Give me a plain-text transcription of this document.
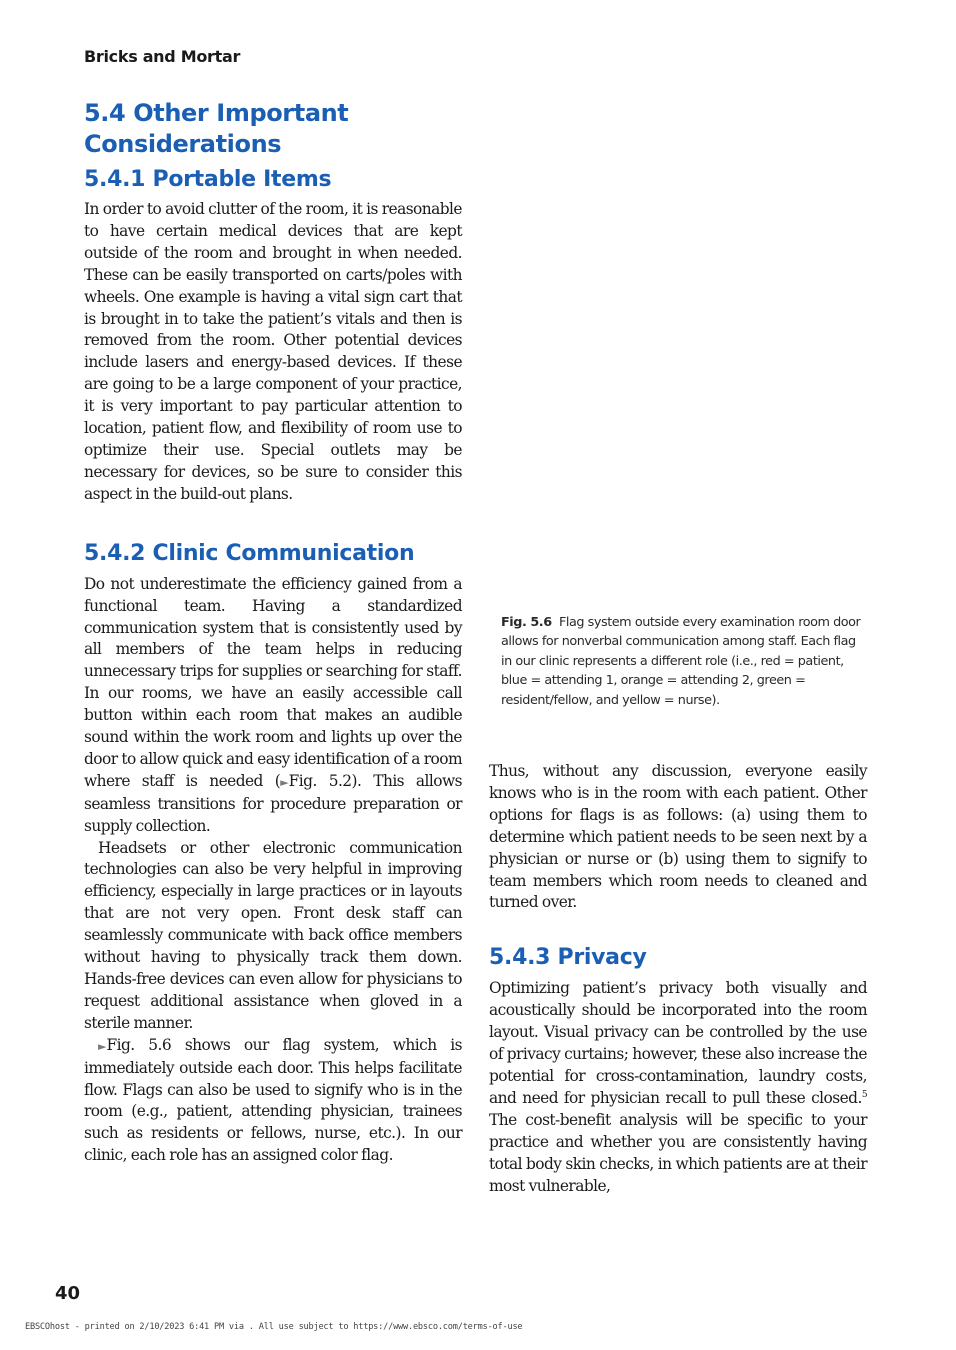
Bricks and Mortar
5.4 Other Important Considerations
5.4.1 Portable Items

In order to avoid clutter of the room, it is reasonable to have certain medical devices that are kept outside of the room and brought in when needed. These can be easily transported on carts/poles with wheels. One example is having a vital sign cart that is brought in to take the patient’s vitals and then is removed from the room. Other potential devices include lasers and energy-based devices. If these are going to be a large component of your practice, it is very important to pay particular attention to location, patient flow, and flexibility of room use to optimize their use. Special outlets may be necessary for devices, so be sure to consider this aspect in the build-out plans.

5.4.2 Clinic Communication

Do not underestimate the efficiency gained from a functional team. Having a standardized communication system that is consistently used by all members of the team helps in reducing unnecessary trips for supplies or searching for staff. In our rooms, we have an easily accessible call button within each room that makes an audible sound within the work room and lights up over the door to allow quick and easy identification of a room where staff is needed (►Fig. 5.2). This allows seamless transitions for procedure preparation or supply collection.

Headsets or other electronic communication technologies can also be very helpful in improving efficiency, especially in large practices or in layouts that are not very open. Front desk staff can seamlessly communicate with back office members without having to physically track them down. Hands-free devices can even allow for physicians to request additional assistance when gloved in a sterile manner.

►Fig. 5.6 shows our flag system, which is immediately outside each door. This helps facilitate flow. Flags can also be used to signify who is in the room (e.g., patient, attending physician, trainees such as residents or fellows, nurse, etc.). In our clinic, each role has an assigned color flag.

Fig. 5.6 Flag system outside every examination room door allows for nonverbal communication among staff. Each flag in our clinic represents a different role (i.e., red = patient, blue = attending 1, orange = attending 2, green = resident/fellow, and yellow = nurse).

Thus, without any discussion, everyone easily knows who is in the room with each patient. Other options for flags is as follows: (a) using them to determine which patient needs to be seen next by a physician or nurse or (b) using them to signify to team members which room needs to cleaned and turned over.

5.4.3 Privacy

Optimizing patient’s privacy both visually and acoustically should be incorporated into the room layout. Visual privacy can be controlled by the use of privacy curtains; however, these also increase the potential for cross-contamination, laundry costs, and need for physician recall to pull these closed.$^5$ The cost-benefit analysis will be specific to your practice and whether you are consistently having total body skin checks, in which patients are at their most vulnerable,

40
EBSCOhost - printed on 2/10/2023 6:41 PM via . All use subject to https://www.ebsco.com/terms-of-use
